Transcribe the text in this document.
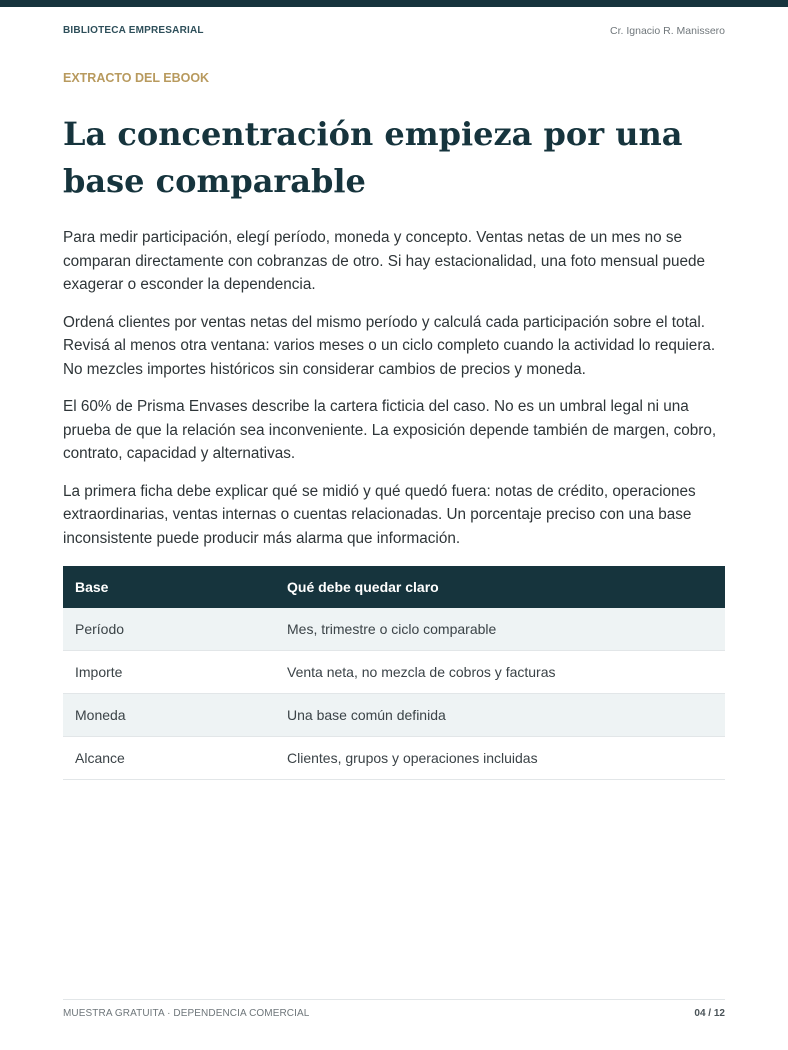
BIBLIOTECA EMPRESARIAL	Cr. Ignacio R. Manissero
EXTRACTO DEL EBOOK
La concentración empieza por una base comparable

Para medir participación, elegí período, moneda y concepto. Ventas netas de un mes no se comparan directamente con cobranzas de otro. Si hay estacionalidad, una foto mensual puede exagerar o esconder la dependencia.

Ordená clientes por ventas netas del mismo período y calculá cada participación sobre el total. Revisá al menos otra ventana: varios meses o un ciclo completo cuando la actividad lo requiera. No mezcles importes históricos sin considerar cambios de precios y moneda.

El 60% de Prisma Envases describe la cartera ficticia del caso. No es un umbral legal ni una prueba de que la relación sea inconveniente. La exposición depende también de margen, cobro, contrato, capacidad y alternativas.

La primera ficha debe explicar qué se midió y qué quedó fuera: notas de crédito, operaciones extraordinarias, ventas internas o cuentas relacionadas. Un porcentaje preciso con una base inconsistente puede producir más alarma que información.

Base	Qué debe quedar claro
Período	Mes, trimestre o ciclo comparable
Importe	Venta neta, no mezcla de cobros y facturas
Moneda	Una base común definida
Alcance	Clientes, grupos y operaciones incluidas
MUESTRA GRATUITA · DEPENDENCIA COMERCIAL	04 / 12
